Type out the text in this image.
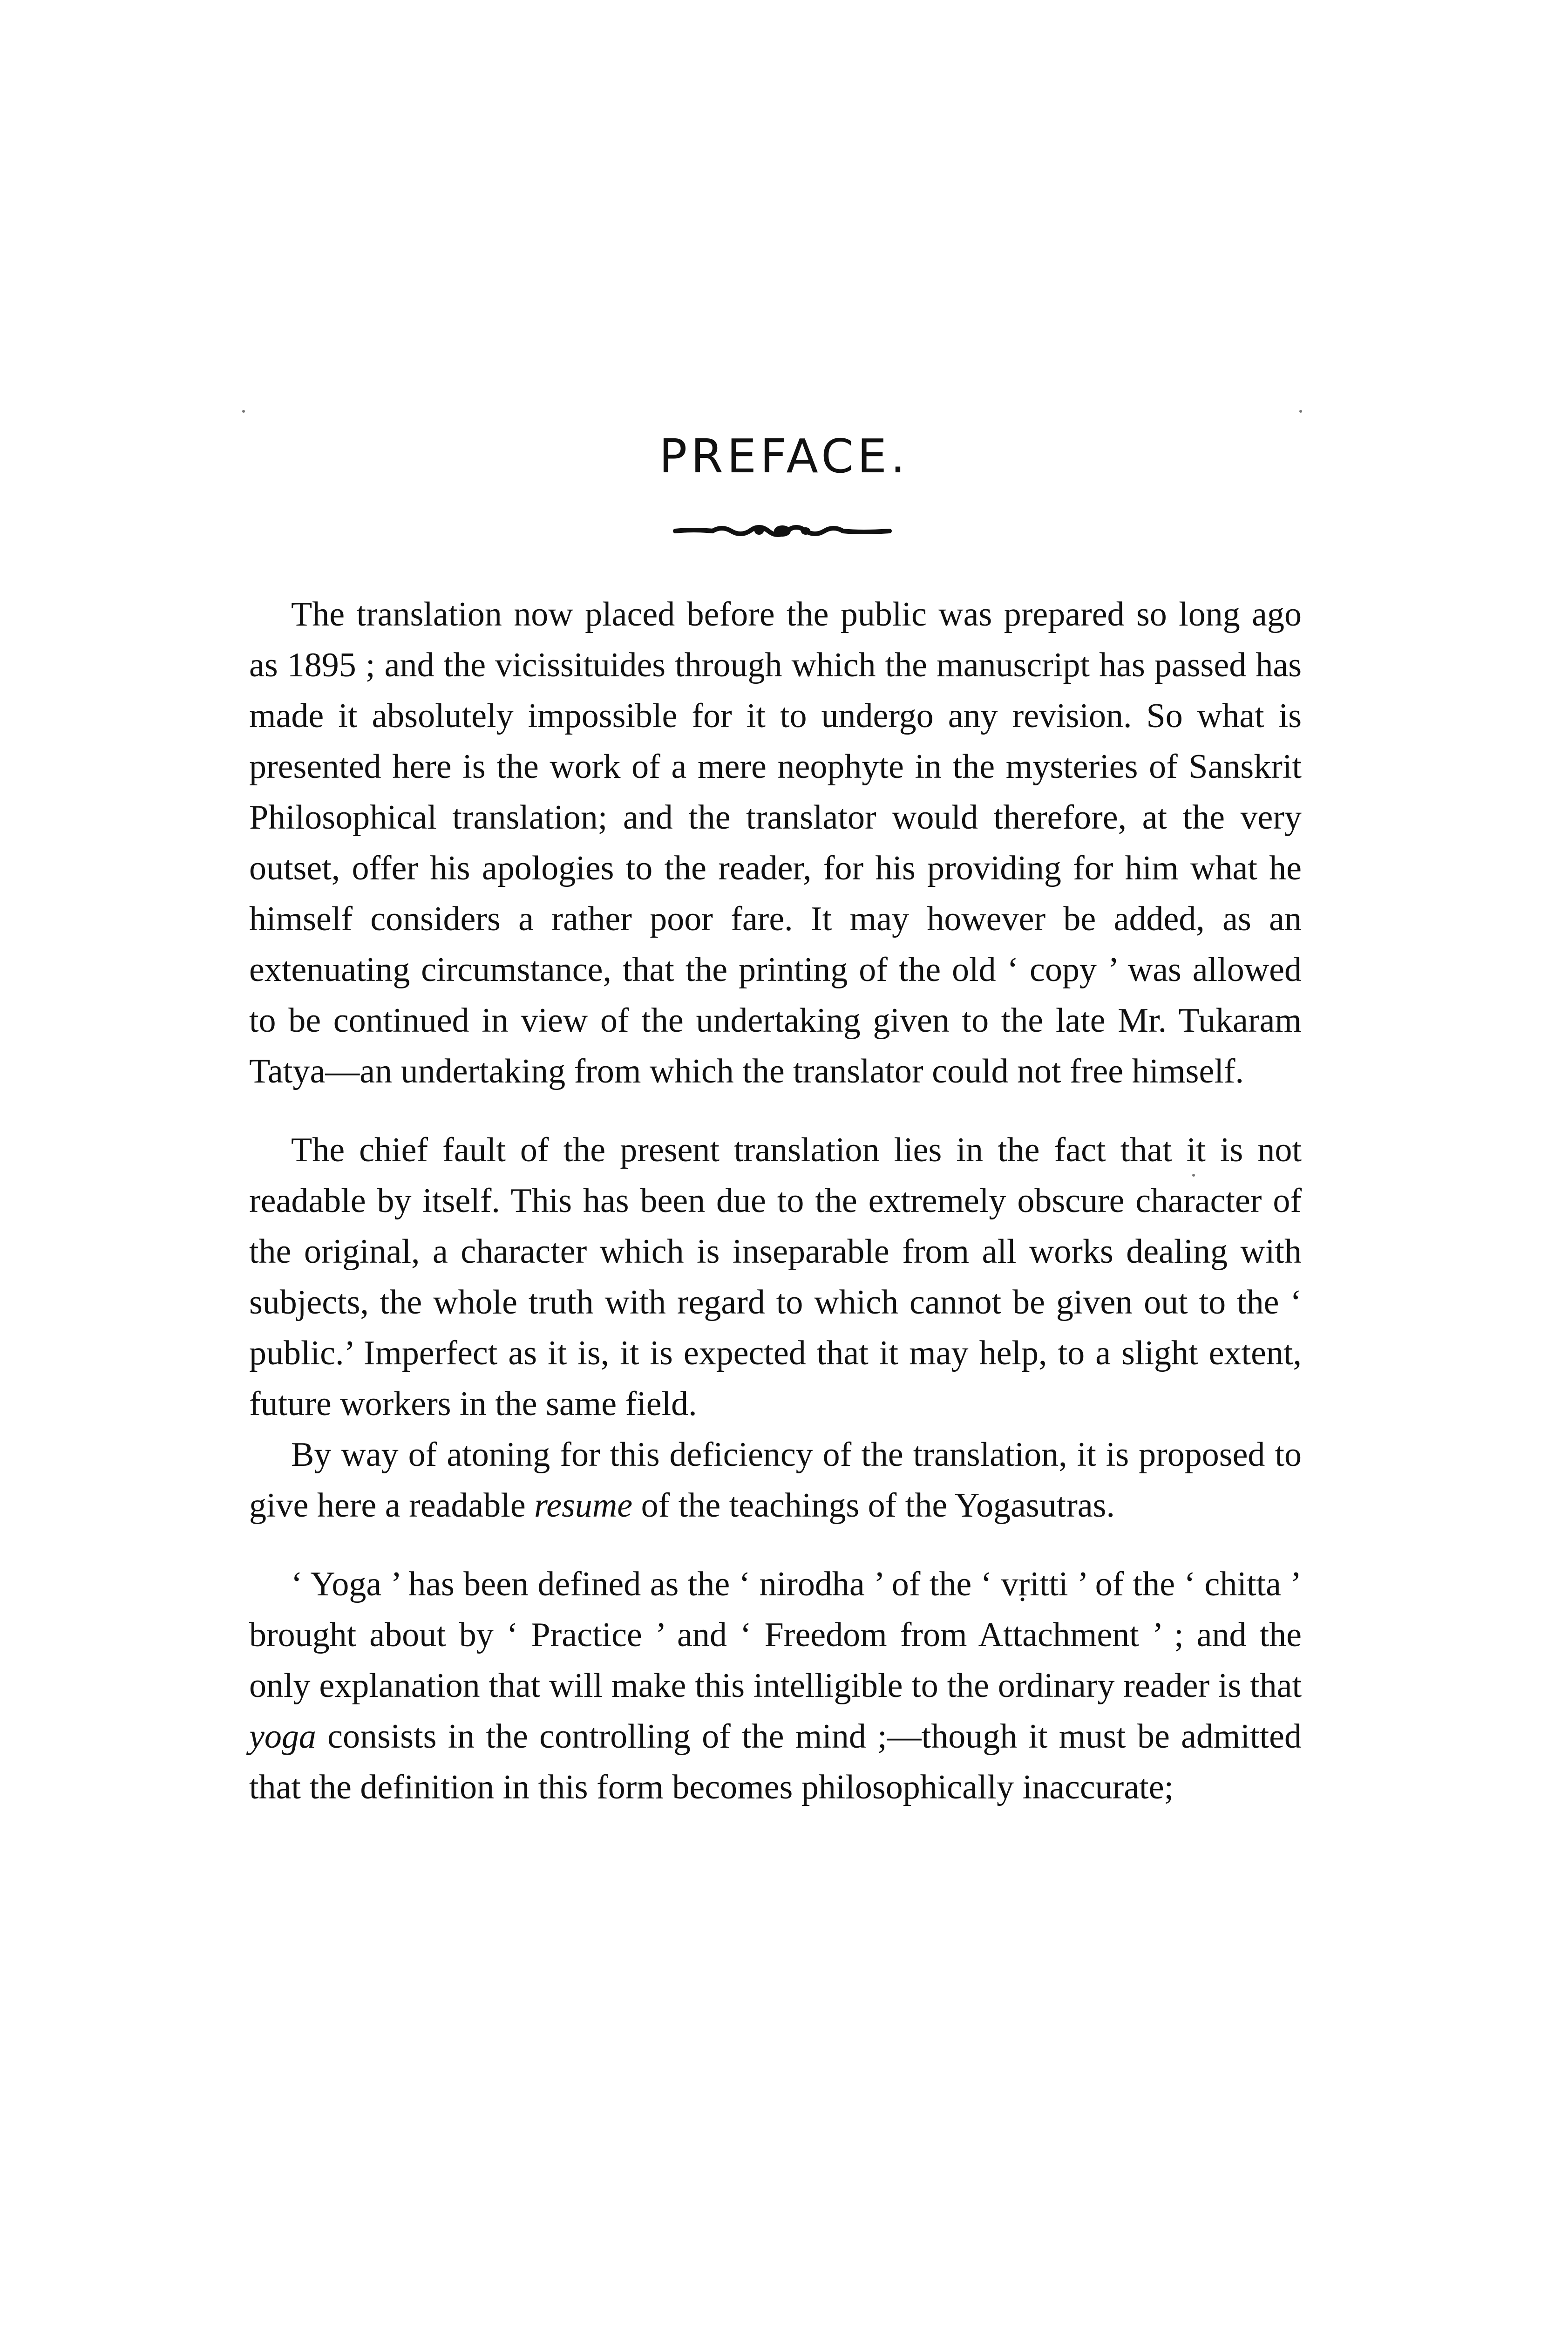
PREFACE.

The translation now placed before the public was prepared so long ago as 1895 ; and the vicissituides through which the manuscript has passed has made it absolutely impossible for it to undergo any revision. So what is presented here is the work of a mere neophyte in the mysteries of Sanskrit Philosophical translation; and the translator would therefore, at the very outset, offer his apologies to the reader, for his providing for him what he himself considers a rather poor fare. It may however be added, as an extenuating circumstance, that the printing of the old ‘ copy ’ was allowed to be continued in view of the undertaking given to the late Mr. Tukaram Tatya—an undertaking from which the translator could not free himself.

The chief fault of the present translation lies in the fact that it is not readable by itself. This has been due to the extremely obscure character of the original, a character which is inseparable from all works dealing with subjects, the whole truth with regard to which cannot be given out to the ‘ public.’ Imperfect as it is, it is expected that it may help, to a slight extent, future workers in the same field.

By way of atoning for this deficiency of the translation, it is proposed to give here a readable resume of the teachings of the Yogasutras.

‘ Yoga ’ has been defined as the ‘ nirodha ’ of the ‘ vṛitti ’ of the ‘ chitta ’ brought about by ‘ Practice ’ and ‘ Freedom from Attachment ’ ; and the only explanation that will make this intelligible to the ordinary reader is that yoga consists in the controlling of the mind ;—though it must be admitted that the definition in this form becomes philosophically inaccurate;
